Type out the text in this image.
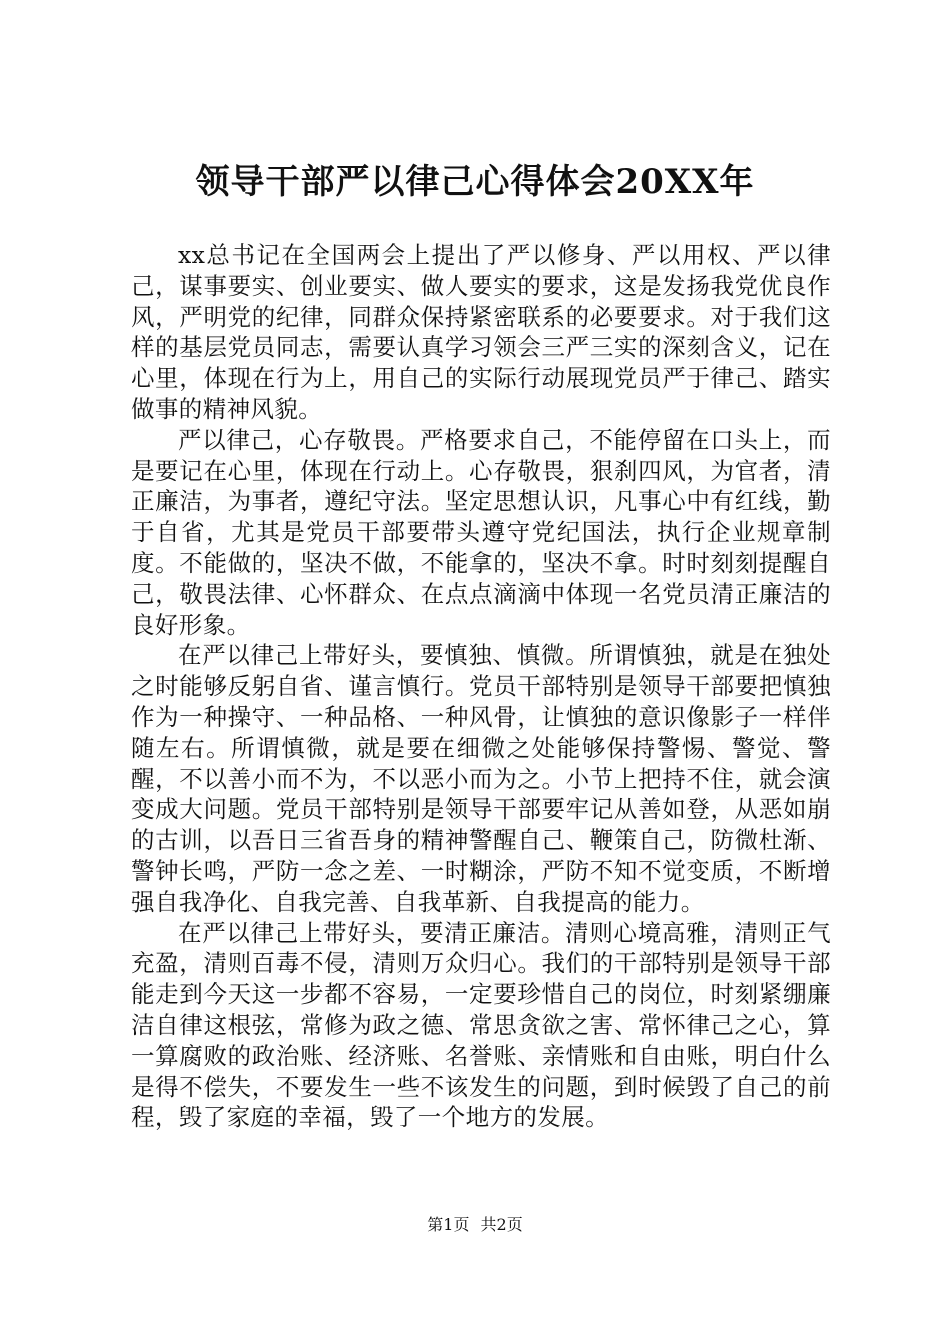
领导干部严以律己心得体会20XX年

xx总书记在全国两会上提出了严以修身、严以用权、严以律己，谋事要实、创业要实、做人要实的要求，这是发扬我党优良作风，严明党的纪律，同群众保持紧密联系的必要要求。对于我们这样的基层党员同志，需要认真学习领会三严三实的深刻含义，记在心里，体现在行为上，用自己的实际行动展现党员严于律己、踏实做事的精神风貌。

严以律己，心存敬畏。严格要求自己，不能停留在口头上，而是要记在心里，体现在行动上。心存敬畏，狠刹四风，为官者，清正廉洁，为事者，遵纪守法。坚定思想认识，凡事心中有红线，勤于自省，尤其是党员干部要带头遵守党纪国法，执行企业规章制度。不能做的，坚决不做，不能拿的，坚决不拿。时时刻刻提醒自己，敬畏法律、心怀群众、在点点滴滴中体现一名党员清正廉洁的良好形象。

在严以律己上带好头，要慎独、慎微。所谓慎独，就是在独处之时能够反躬自省、谨言慎行。党员干部特别是领导干部要把慎独作为一种操守、一种品格、一种风骨，让慎独的意识像影子一样伴随左右。所谓慎微，就是要在细微之处能够保持警惕、警觉、警醒，不以善小而不为，不以恶小而为之。小节上把持不住，就会演变成大问题。党员干部特别是领导干部要牢记从善如登，从恶如崩的古训，以吾日三省吾身的精神警醒自己、鞭策自己，防微杜渐、警钟长鸣，严防一念之差、一时糊涂，严防不知不觉变质，不断增强自我净化、自我完善、自我革新、自我提高的能力。

在严以律己上带好头，要清正廉洁。清则心境高雅，清则正气充盈，清则百毒不侵，清则万众归心。我们的干部特别是领导干部能走到今天这一步都不容易，一定要珍惜自己的岗位，时刻紧绷廉洁自律这根弦，常修为政之德、常思贪欲之害、常怀律己之心，算一算腐败的政治账、经济账、名誉账、亲情账和自由账，明白什么是得不偿失，不要发生一些不该发生的问题，到时候毁了自己的前程，毁了家庭的幸福，毁了一个地方的发展。

第1页 共2页
